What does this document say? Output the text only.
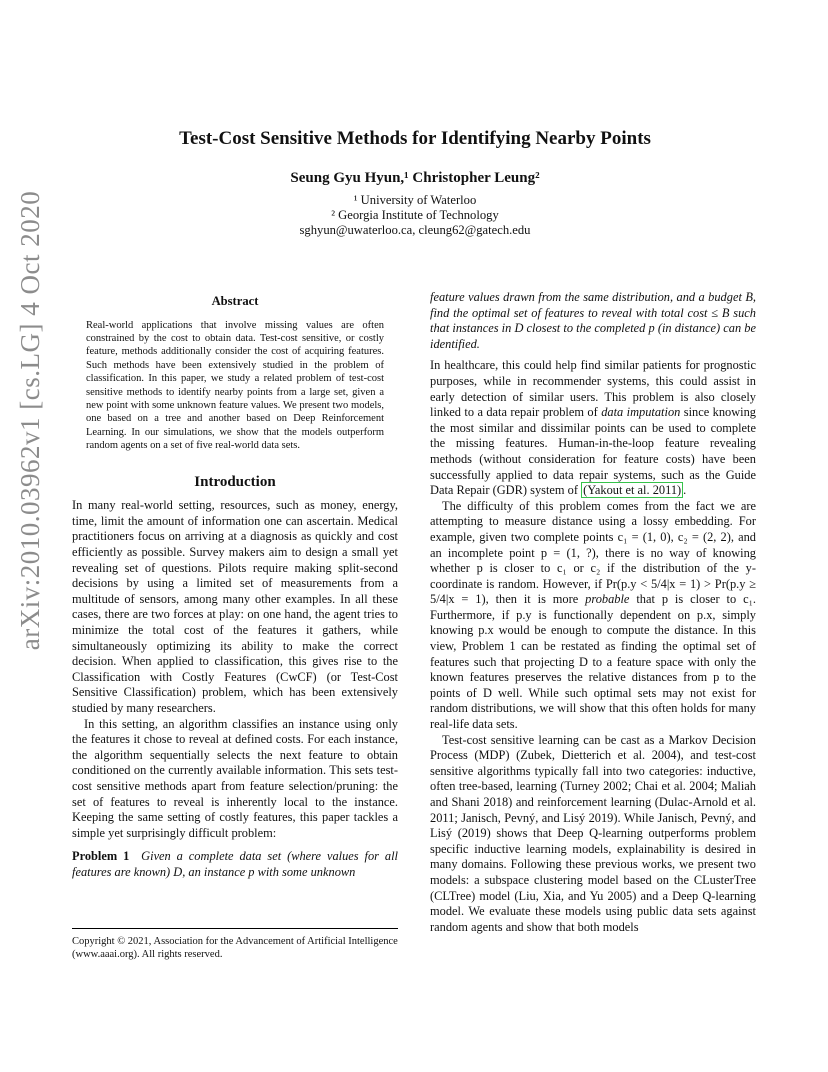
arXiv:2010.03962v1 [cs.LG] 4 Oct 2020
Test-Cost Sensitive Methods for Identifying Nearby Points
Seung Gyu Hyun,¹ Christopher Leung²
¹ University of Waterloo
² Georgia Institute of Technology
sghyun@uwaterloo.ca, cleung62@gatech.edu
Abstract

Real-world applications that involve missing values are often constrained by the cost to obtain data. Test-cost sensitive, or costly feature, methods additionally consider the cost of acquiring features. Such methods have been extensively studied in the problem of classification. In this paper, we study a related problem of test-cost sensitive methods to identify nearby points from a large set, given a new point with some unknown feature values. We present two models, one based on a tree and another based on Deep Reinforcement Learning. In our simulations, we show that the models outperform random agents on a set of five real-world data sets.

Introduction

In many real-world setting, resources, such as money, energy, time, limit the amount of information one can ascertain. Medical practitioners focus on arriving at a diagnosis as quickly and cost efficiently as possible. Survey makers aim to design a small yet revealing set of questions. Pilots require making split-second decisions by using a limited set of measurements from a multitude of sensors, among many other examples. In all these cases, there are two forces at play: on one hand, the agent tries to minimize the total cost of the features it gathers, while simultaneously optimizing its ability to make the correct decision. When applied to classification, this gives rise to the Classification with Costly Features (CwCF) (or Test-Cost Sensitive Classification) problem, which has been extensively studied by many researchers.

In this setting, an algorithm classifies an instance using only the features it chose to reveal at defined costs. For each instance, the algorithm sequentially selects the next feature to obtain conditioned on the currently available information. This sets test-cost sensitive methods apart from feature selection/pruning: the set of features to reveal is inherently local to the instance. Keeping the same setting of costly features, this paper tackles a simple yet surprisingly difficult problem:

Problem 1 Given a complete data set (where values for all features are known) D, an instance p with some unknown

Copyright © 2021, Association for the Advancement of Artificial Intelligence (www.aaai.org). All rights reserved.

feature values drawn from the same distribution, and a budget B, find the optimal set of features to reveal with total cost ≤ B such that instances in D closest to the completed p (in distance) can be identified.

In healthcare, this could help find similar patients for prognostic purposes, while in recommender systems, this could assist in early detection of similar users. This problem is also closely linked to a data repair problem of data imputation since knowing the most similar and dissimilar points can be used to complete the missing features. Human-in-the-loop feature revealing methods (without consideration for feature costs) have been successfully applied to data repair systems, such as the Guide Data Repair (GDR) system of (Yakout et al. 2011) .

The difficulty of this problem comes from the fact we are attempting to measure distance using a lossy embedding. For example, given two complete points c₁ = (1, 0), c₂ = (2, 2), and an incomplete point p = (1, ?), there is no way of knowing whether p is closer to c₁ or c₂ if the distribution of the y-coordinate is random. However, if Pr(p.y < 5/4|x = 1) > Pr(p.y ≥ 5/4|x = 1), then it is more probable that p is closer to c₁. Furthermore, if p.y is functionally dependent on p.x, simply knowing p.x would be enough to compute the distance. In this view, Problem 1 can be restated as finding the optimal set of features such that projecting D to a feature space with only the known features preserves the relative distances from p to the points of D well. While such optimal sets may not exist for random distributions, we will show that this often holds for many real-life data sets.

Test-cost sensitive learning can be cast as a Markov Decision Process (MDP) (Zubek, Dietterich et al. 2004), and test-cost sensitive algorithms typically fall into two categories: inductive, often tree-based, learning (Turney 2002; Chai et al. 2004; Maliah and Shani 2018) and reinforcement learning (Dulac-Arnold et al. 2011; Janisch, Pevný, and Lisý 2019). While Janisch, Pevný, and Lisý (2019) shows that Deep Q-learning outperforms problem specific inductive learning models, explainability is desired in many domains. Following these previous works, we present two models: a subspace clustering model based on the CLusterTree (CLTree) model (Liu, Xia, and Yu 2005) and a Deep Q-learning model. We evaluate these models using public data sets against random agents and show that both models
